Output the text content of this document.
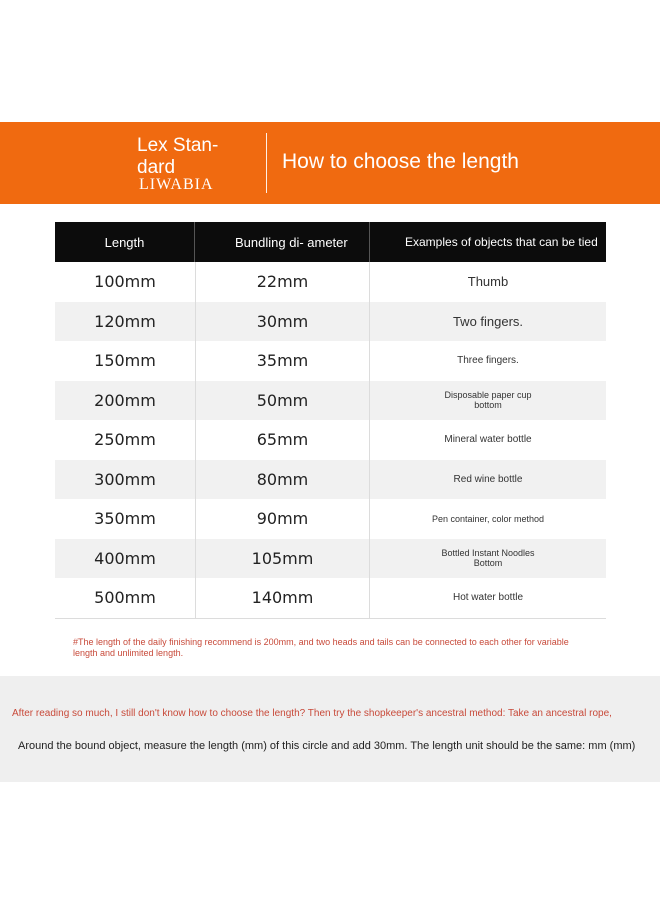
Lex Stan- dard
LIWABIA
How to choose the length
Length	Bundling di- ameter	Examples of objects that can be tied
100mm	22mm	Thumb
120mm	30mm	Two fingers.
150mm	35mm	Three fingers.
200mm	50mm	Disposable paper cup bottom
250mm	65mm	Mineral water bottle
300mm	80mm	Red wine bottle
350mm	90mm	Pen container, color method
400mm	105mm	Bottled Instant Noodles Bottom
500mm	140mm	Hot water bottle
#The length of the daily finishing recommend is 200mm, and two heads and tails can be connected to each other for variable length and unlimited length.
After reading so much, I still don't know how to choose the length? Then try the shopkeeper's ancestral method: Take an ancestral rope,
Around the bound object, measure the length (mm) of this circle and add 30mm. The length unit should be the same: mm (mm)
